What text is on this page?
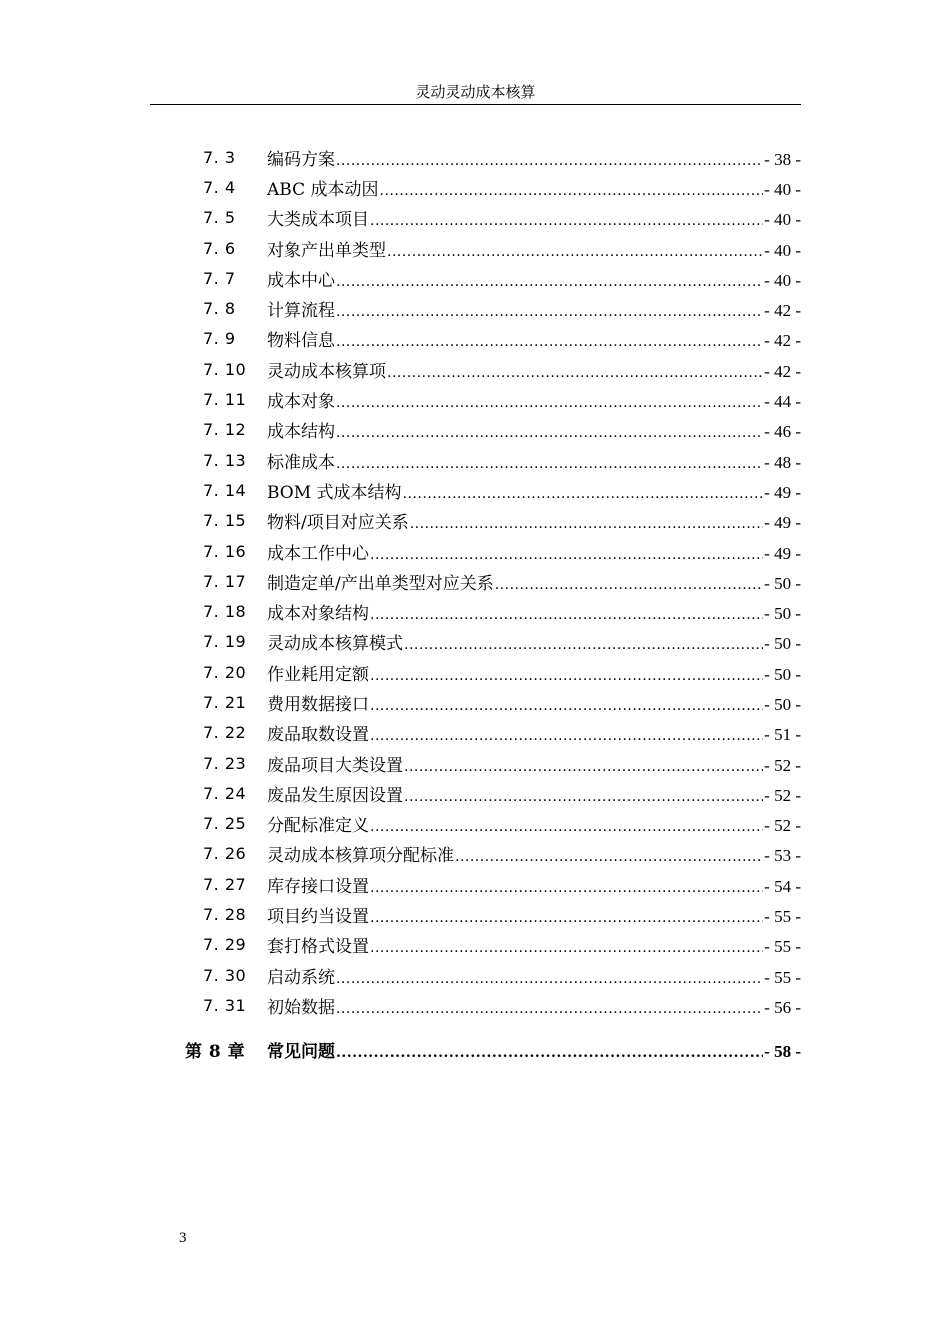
灵动灵动成本核算
7. 3 编码方案 .....	- 38 -
7. 4 ABC 成本动因 .....	- 40 -
7. 5 大类成本项目 .....	- 40 -
7. 6 对象产出单类型 .....	- 40 -
7. 7 成本中心 .....	- 40 -
7. 8 计算流程 .....	- 42 -
7. 9 物料信息 .....	- 42 -
7. 10 灵动成本核算项 .....	- 42 -
7. 11 成本对象 .....	- 44 -
7. 12 成本结构 .....	- 46 -
7. 13 标准成本 .....	- 48 -
7. 14 BOM 式成本结构 .....	- 49 -
7. 15 物料/项目对应关系 .....	- 49 -
7. 16 成本工作中心 .....	- 49 -
7. 17 制造定单/产出单类型对应关系 .....	- 50 -
7. 18 成本对象结构 .....	- 50 -
7. 19 灵动成本核算模式 .....	- 50 -
7. 20 作业耗用定额 .....	- 50 -
7. 21 费用数据接口 .....	- 50 -
7. 22 废品取数设置 .....	- 51 -
7. 23 废品项目大类设置 .....	- 52 -
7. 24 废品发生原因设置 .....	- 52 -
7. 25 分配标准定义 .....	- 52 -
7. 26 灵动成本核算项分配标准 .....	- 53 -
7. 27 库存接口设置 .....	- 54 -
7. 28 项目约当设置 .....	- 55 -
7. 29 套打格式设置 .....	- 55 -
7. 30 启动系统 .....	- 55 -
7. 31 初始数据 .....	- 56 -
第 8 章 常见问题 .....	- 58 -
3
